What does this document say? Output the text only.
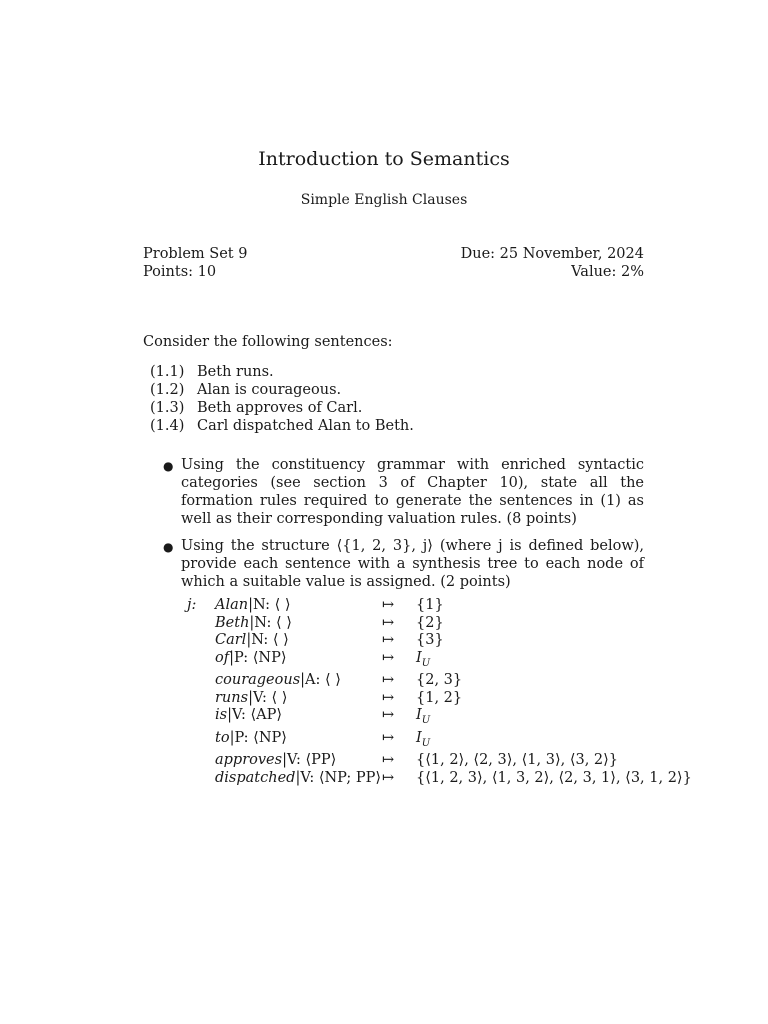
Introduction to Semantics
Simple English Clauses
Problem Set 9
Points: 10
Due: 25 November, 2024
Value: 2%
Consider the following sentences:
(1.1) Beth runs.
(1.2) Alan is courageous.
(1.3) Beth approves of Carl.
(1.4) Carl dispatched Alan to Beth.
● Using the constituency grammar with enriched syntactic categories (see section 3 of Chapter 10), state all the formation rules required to generate the sentences in (1) as well as their corresponding valuation rules. (8 points)
● Using the structure ⟨{1, 2, 3}, j⟩ (where j is defined below), provide each sentence with a synthesis tree to each node of which a suitable value is assigned. (2 points)
j:	Alan|N: ⟨ ⟩	↦	{1}
Beth|N: ⟨ ⟩	↦	{2}
Carl|N: ⟨ ⟩	↦	{3}
of|P: ⟨NP⟩	↦	$I_U$
courageous|A: ⟨ ⟩	↦	{2, 3}
runs|V: ⟨ ⟩	↦	{1, 2}
is|V: ⟨AP⟩	↦	$I_U$
to|P: ⟨NP⟩	↦	$I_U$
approves|V: ⟨PP⟩	↦	{⟨1, 2⟩, ⟨2, 3⟩, ⟨1, 3⟩, ⟨3, 2⟩}
dispatched|V: ⟨NP; PP⟩ ↦	{⟨1, 2, 3⟩, ⟨1, 3, 2⟩, ⟨2, 3, 1⟩, ⟨3, 1, 2⟩}
